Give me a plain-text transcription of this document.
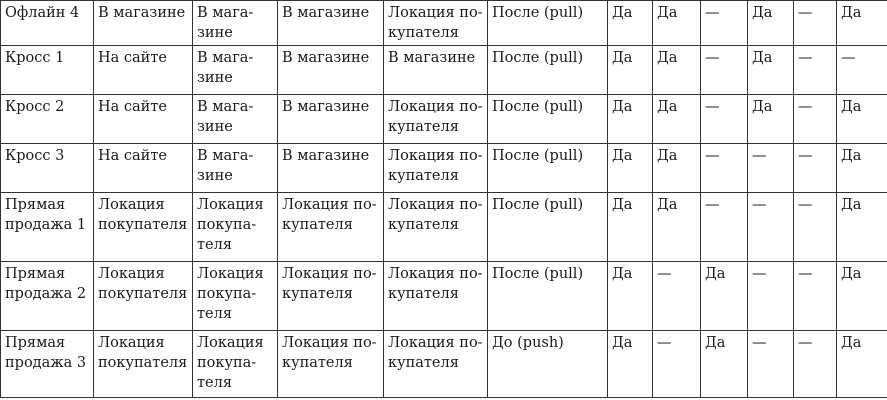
Офлайн 4	В магазине	В мага-
зине	В магазине	Локация по-
купателя	После (pull)	Да	Да	—	Да	—	Да
Кросс 1	На сайте	В мага-
зине	В магазине	В магазине	После (pull)	Да	Да	—	Да	—	—
Кросс 2	На сайте	В мага-
зине	В магазине	Локация по-
купателя	После (pull)	Да	Да	—	Да	—	Да
Кросс 3	На сайте	В мага-
зине	В магазине	Локация по-
купателя	После (pull)	Да	Да	—	—	—	Да
Прямая
продажа 1	Локация
покупателя	Локация
покупа-
теля	Локация по-
купателя	Локация по-
купателя	После (pull)	Да	Да	—	—	—	Да
Прямая
продажа 2	Локация
покупателя	Локация
покупа-
теля	Локация по-
купателя	Локация по-
купателя	После (pull)	Да	—	Да	—	—	Да
Прямая
продажа 3	Локация
покупателя	Локация
покупа-
теля	Локация по-
купателя	Локация по-
купателя	До (push)	Да	—	Да	—	—	Да
